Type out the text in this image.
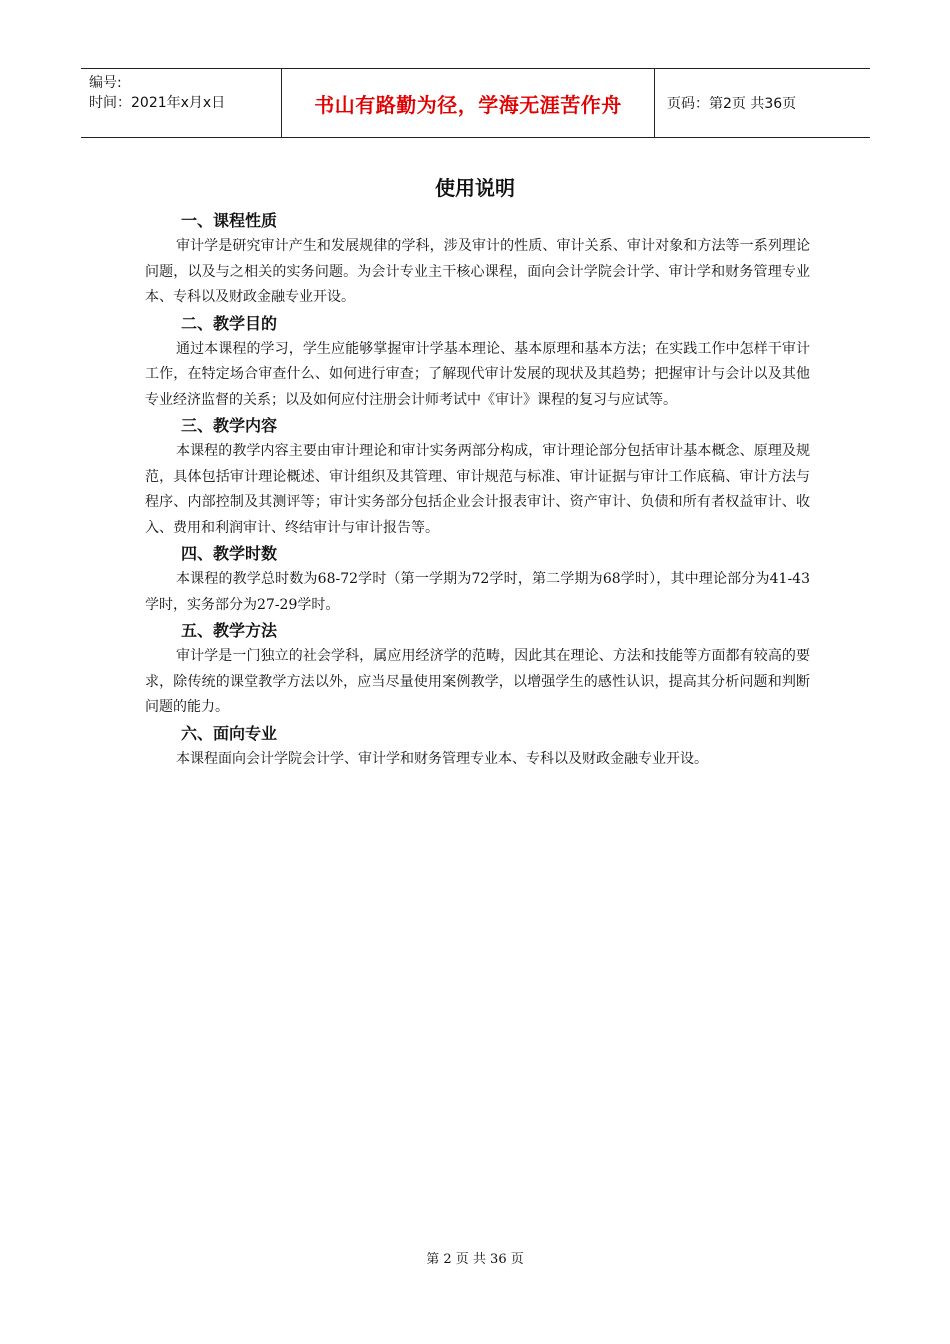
编号:
时间：2021年x月x日	书山有路勤为径，学海无涯苦作舟	页码：第2页 共36页
使用说明
一、课程性质

审计学是研究审计产生和发展规律的学科，涉及审计的性质、审计关系、审计对象和方法等一系列理论问题，以及与之相关的实务问题。为会计专业主干核心课程，面向会计学院会计学、审计学和财务管理专业本、专科以及财政金融专业开设。

二、教学目的

通过本课程的学习，学生应能够掌握审计学基本理论、基本原理和基本方法；在实践工作中怎样干审计工作，在特定场合审查什么、如何进行审查；了解现代审计发展的现状及其趋势；把握审计与会计以及其他专业经济监督的关系；以及如何应付注册会计师考试中《审计》课程的复习与应试等。

三、教学内容

本课程的教学内容主要由审计理论和审计实务两部分构成，审计理论部分包括审计基本概念、原理及规范，具体包括审计理论概述、审计组织及其管理、审计规范与标准、审计证据与审计工作底稿、审计方法与程序、内部控制及其测评等；审计实务部分包括企业会计报表审计、资产审计、负债和所有者权益审计、收入、费用和利润审计、终结审计与审计报告等。

四、教学时数

本课程的教学总时数为68-72学时（第一学期为72学时，第二学期为68学时），其中理论部分为41-43学时，实务部分为27-29学时。

五、教学方法

审计学是一门独立的社会学科，属应用经济学的范畴，因此其在理论、方法和技能等方面都有较高的要求，除传统的课堂教学方法以外，应当尽量使用案例教学，以增强学生的感性认识，提高其分析问题和判断问题的能力。

六、面向专业

本课程面向会计学院会计学、审计学和财务管理专业本、专科以及财政金融专业开设。

第 2 页 共 36 页
